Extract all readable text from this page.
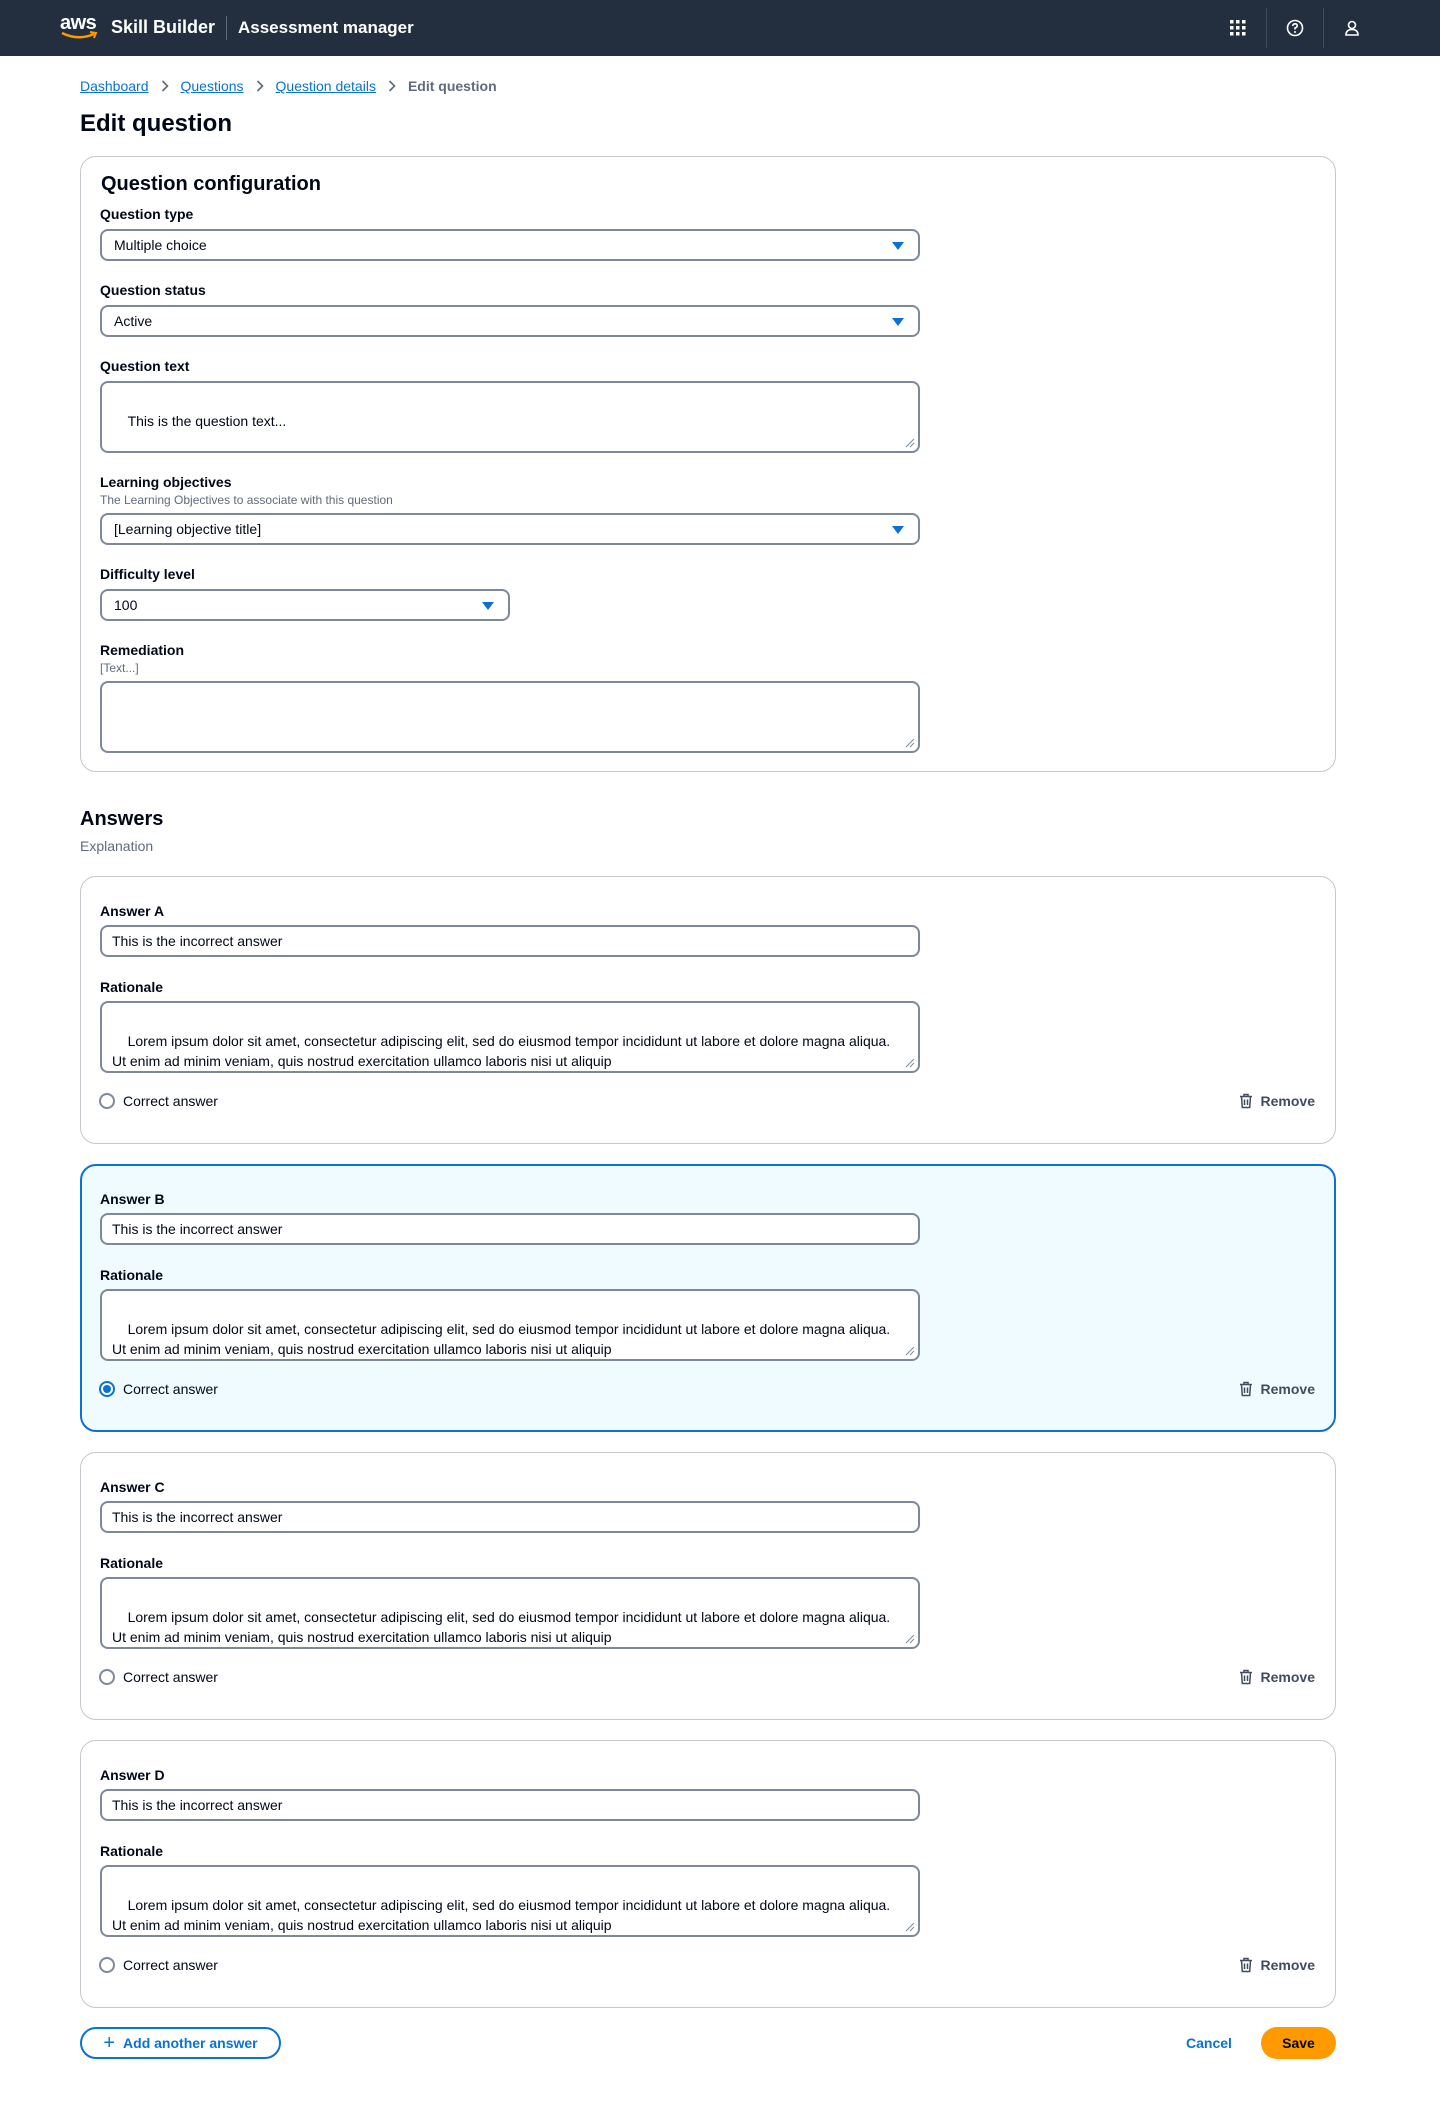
aws Skill Builder Assessment manager
Dashboard Questions Question details Edit question
Edit question
Question configuration
Question type
Multiple choice
Question status
Active
Question text

This is the question text...

Learning objectives
The Learning Objectives to associate with this question
[Learning objective title]
Difficulty level
100
Remediation
[Text...]

Answers
Explanation
Answer A
This is the incorrect answer
Rationale

Lorem ipsum dolor sit amet, consectetur adipiscing elit, sed do eiusmod tempor incididunt ut labore et dolore magna aliqua.
Ut enim ad minim veniam, quis nostrud exercitation ullamco laboris nisi ut aliquip

Correct answer	Remove
Answer B
This is the incorrect answer
Rationale

Lorem ipsum dolor sit amet, consectetur adipiscing elit, sed do eiusmod tempor incididunt ut labore et dolore magna aliqua.
Ut enim ad minim veniam, quis nostrud exercitation ullamco laboris nisi ut aliquip

Correct answer	Remove
Answer C
This is the incorrect answer
Rationale

Lorem ipsum dolor sit amet, consectetur adipiscing elit, sed do eiusmod tempor incididunt ut labore et dolore magna aliqua.
Ut enim ad minim veniam, quis nostrud exercitation ullamco laboris nisi ut aliquip

Correct answer	Remove
Answer D
This is the incorrect answer
Rationale

Lorem ipsum dolor sit amet, consectetur adipiscing elit, sed do eiusmod tempor incididunt ut labore et dolore magna aliqua.
Ut enim ad minim veniam, quis nostrud exercitation ullamco laboris nisi ut aliquip

Correct answer	Remove
+ Add another answer	Cancel	Save
